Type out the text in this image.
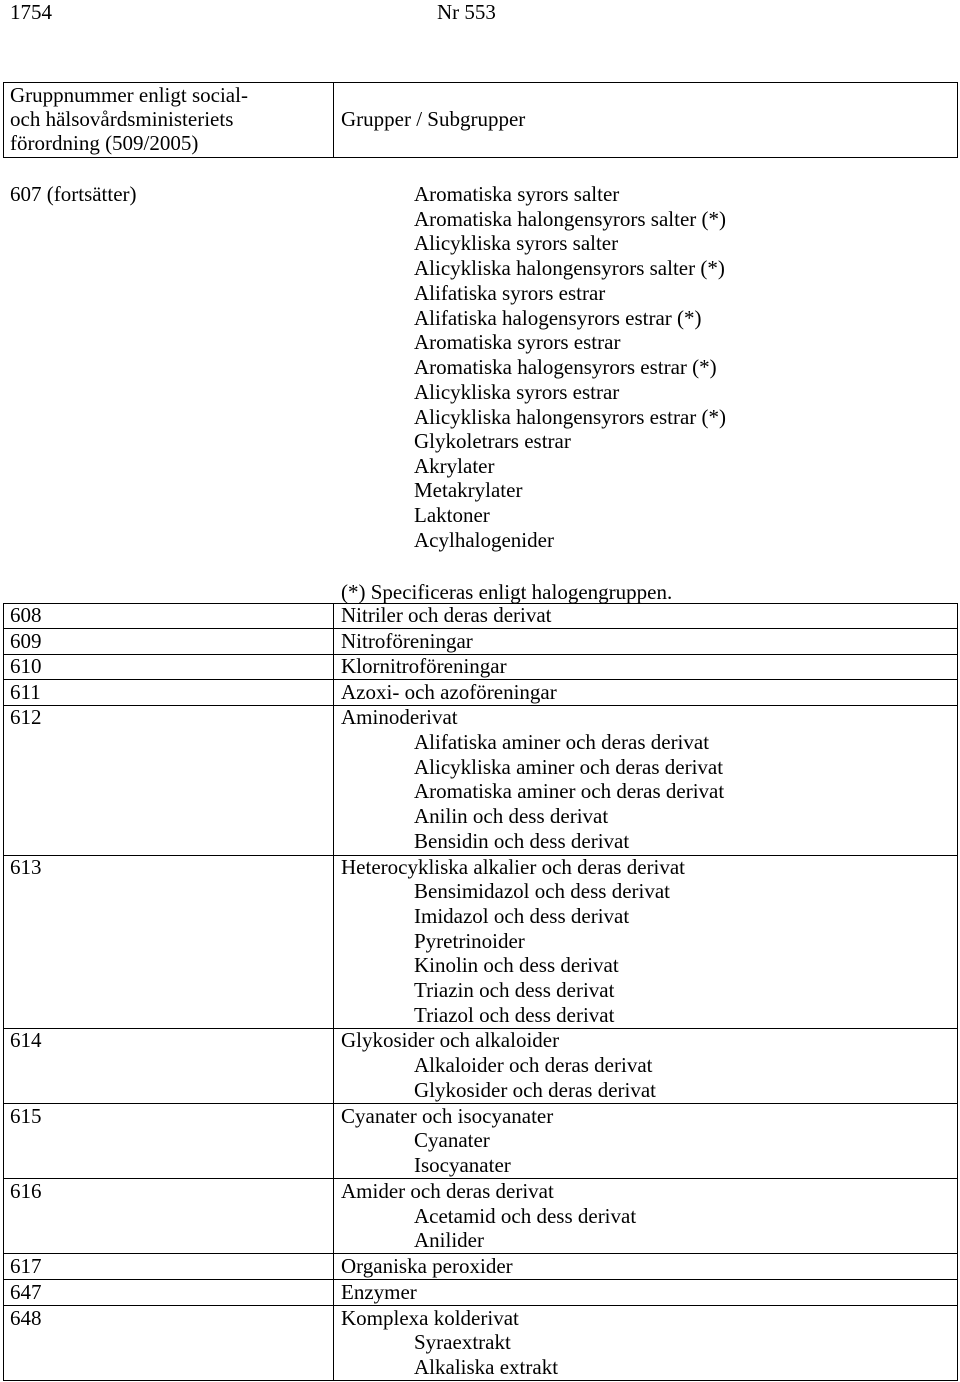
1754	Nr 553
Gruppnummer enligt social-
och hälsovårdsministeriets
förordning (509/2005)
Grupper / Subgrupper
607 (fortsätter)	Aromatiska syrors salter
Aromatiska halongensyrors salter (*)
Alicykliska syrors salter
Alicykliska halongensyrors salter (*)
Alifatiska syrors estrar
Alifatiska halogensyrors estrar (*)
Aromatiska syrors estrar
Aromatiska halogensyrors estrar (*)
Alicykliska syrors estrar
Alicykliska halongensyrors estrar (*)
Glykoletrars estrar
Akrylater
Metakrylater
Laktoner
Acylhalogenider
(*) Specificeras enligt halogengruppen.
608	Nitriler och deras derivat
609	Nitroföreningar
610	Klornitroföreningar
611	Azoxi- och azoföreningar
612	Aminoderivat
Alifatiska aminer och deras derivat
Alicykliska aminer och deras derivat
Aromatiska aminer och deras derivat
Anilin och dess derivat
Bensidin och dess derivat
613	Heterocykliska alkalier och deras derivat
Bensimidazol och dess derivat
Imidazol och dess derivat
Pyretrinoider
Kinolin och dess derivat
Triazin och dess derivat
Triazol och dess derivat
614	Glykosider och alkaloider
Alkaloider och deras derivat
Glykosider och deras derivat
615	Cyanater och isocyanater
Cyanater
Isocyanater
616	Amider och deras derivat
Acetamid och dess derivat
Anilider
617	Organiska peroxider
647	Enzymer
648	Komplexa kolderivat
Syraextrakt
Alkaliska extrakt
